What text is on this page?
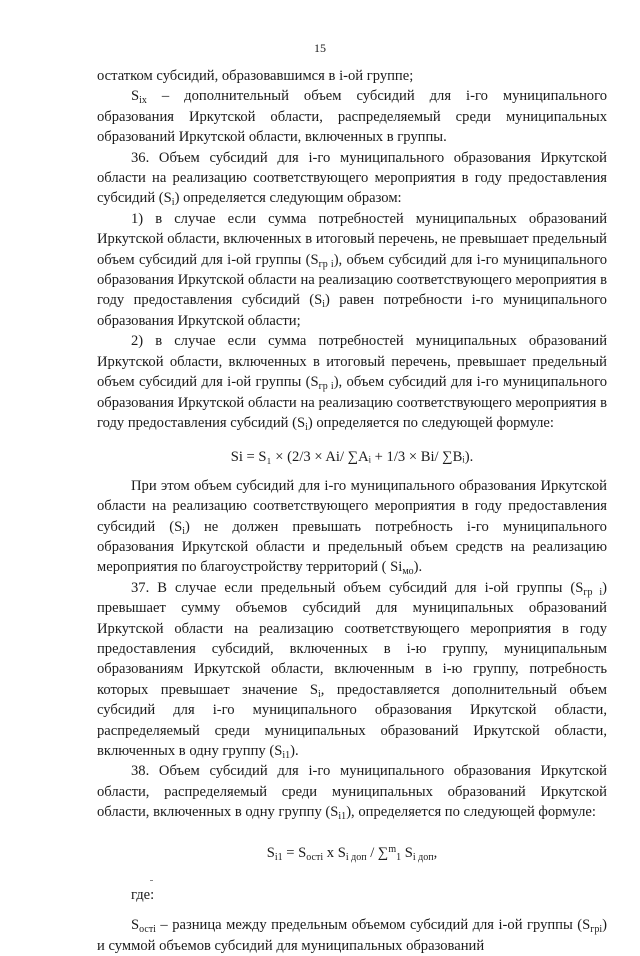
15

остатком субсидий, образовавшимся в i-ой группе;

$S_{ix}$ – дополнительный объем субсидий для i-го муниципального образования Иркутской области, распределяемый среди муниципальных образований Иркутской области, включенных в группы.

36. Объем субсидий для i-го муниципального образования Иркутской области на реализацию соответствующего мероприятия в году предоставления субсидий $(S_i)$ определяется следующим образом:

1) в случае если сумма потребностей муниципальных образований Иркутской области, включенных в итоговый перечень, не превышает предельный объем субсидий для i-ой группы $(S_{гр i})$, объем субсидий для i-го муниципального образования Иркутской области на реализацию соответствующего мероприятия в году предоставления субсидий $(S_i)$ равен потребности i-го муниципального образования Иркутской области;

2) в случае если сумма потребностей муниципальных образований Иркутской области, включенных в итоговый перечень, превышает предельный объем субсидий для i-ой группы $(S_{гр i})$, объем субсидий для i-го муниципального образования Иркутской области на реализацию соответствующего мероприятия в году предоставления субсидий $(S_i)$ определяется по следующей формуле:

Si = S₁ × (2/3 × Ai/ ∑Aᵢ + 1/3 × Bi/ ∑Bᵢ).

При этом объем субсидий для i-го муниципального образования Иркутской области на реализацию соответствующего мероприятия в году предоставления субсидий $(S_i)$ не должен превышать потребность i-го муниципального образования Иркутской области и предельный объем средств на реализацию мероприятия по благоустройству территорий ( $Si_{мо}$).

37. В случае если предельный объем субсидий для i-ой группы $(S_{гр i})$ превышает сумму объемов субсидий для муниципальных образований Иркутской области на реализацию соответствующего мероприятия в году предоставления субсидий, включенных в i-ю группу, муниципальным образованиям Иркутской области, включенным в i-ю группу, потребность которых превышает значение $S_i$, предоставляется дополнительный объем субсидий для i-го муниципального образования Иркутской области, распределяемый среди муниципальных образований Иркутской области, включенных в одну группу $(S_{i1})$.

38. Объем субсидий для i-го муниципального образования Иркутской области, распределяемый среди муниципальных образований Иркутской области, включенных в одну группу $(S_{i1})$, определяется по следующей формуле:

$S_{i1} = S_{остi}$ x $S_{i доп} / \sum^m_1$ $S_{i доп}$,

где:

$S_{остi}$ – разница между предельным объемом субсидий для i-ой группы $(S_{грi})$ и суммой объемов субсидий для муниципальных образований
